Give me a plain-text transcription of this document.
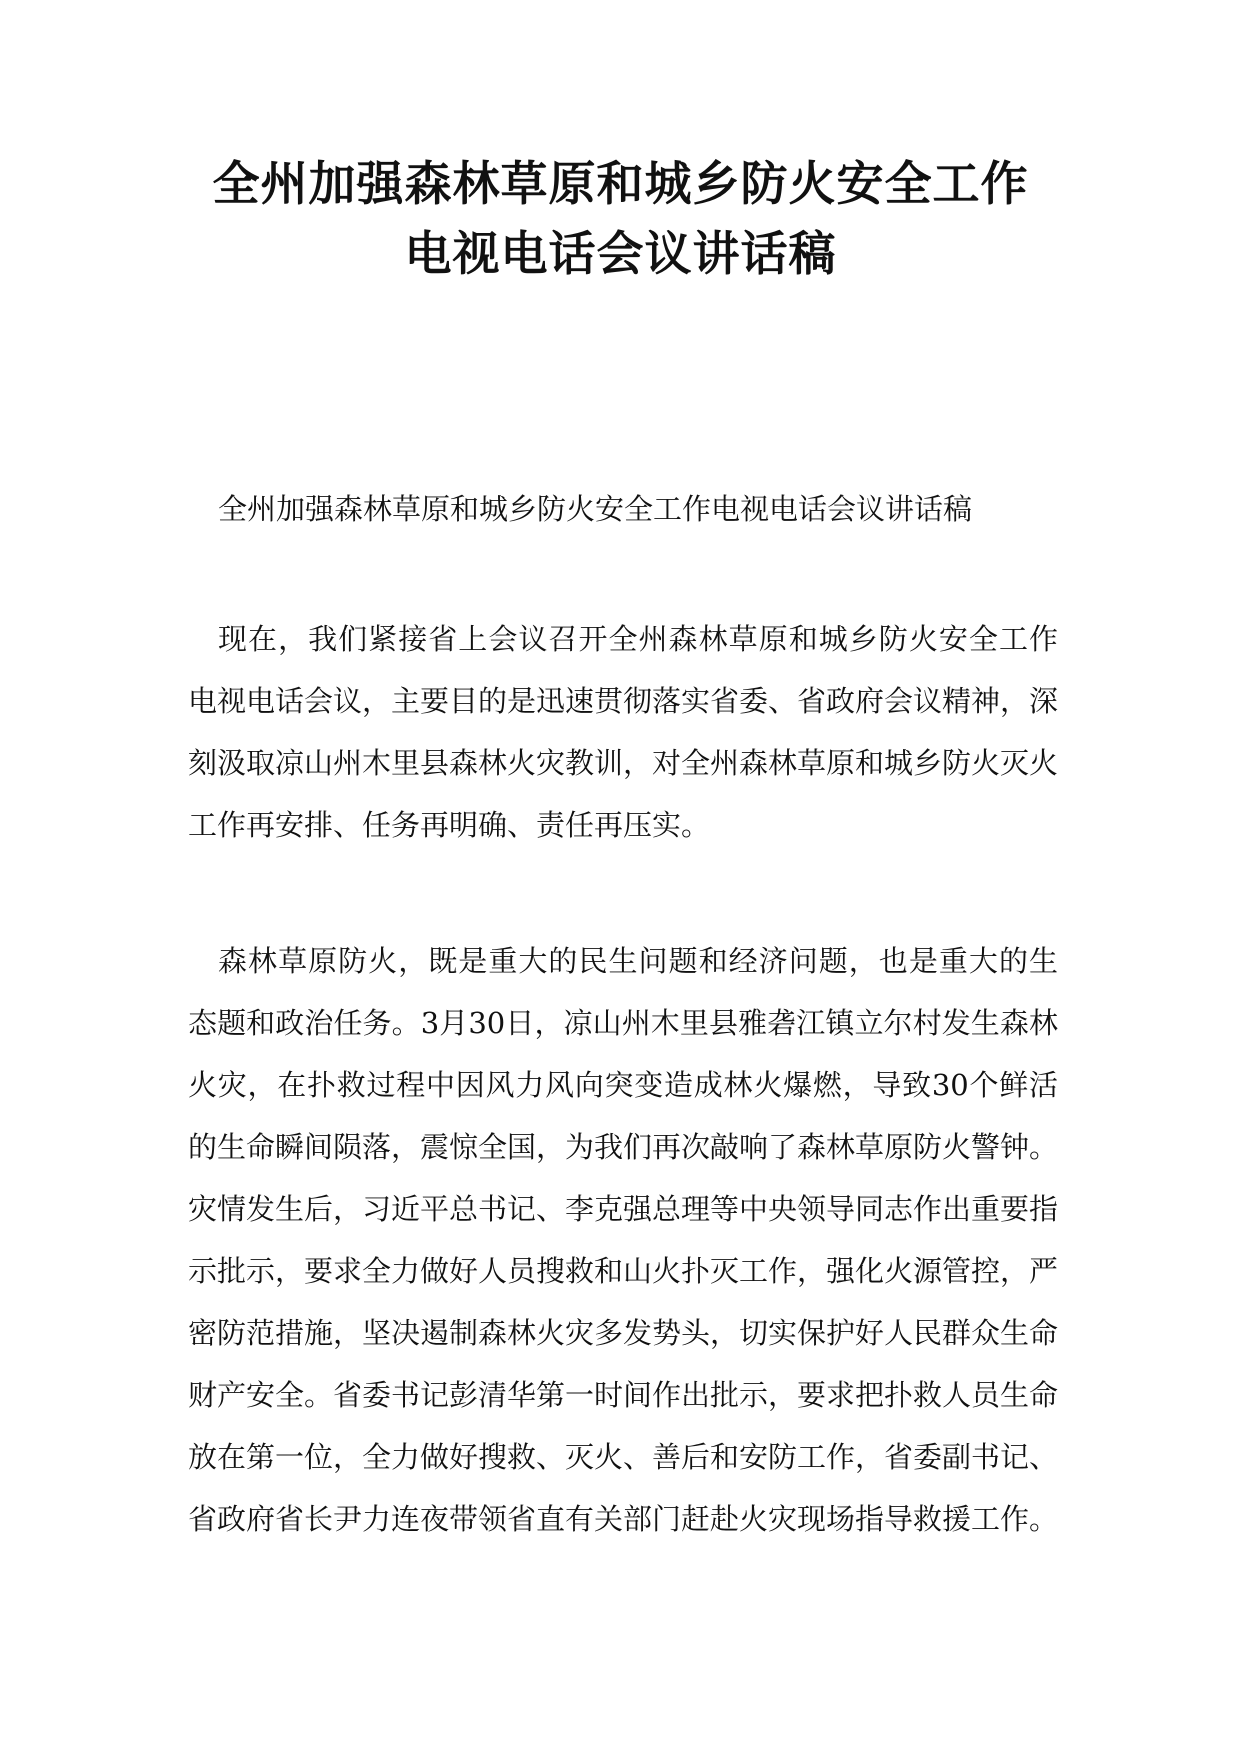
全州加强森林草原和城乡防火安全工作
电视电话会议讲话稿

全州加强森林草原和城乡防火安全工作电视电话会议讲话稿

现在，我们紧接省上会议召开全州森林草原和城乡防火安全工作电视电话会议，主要目的是迅速贯彻落实省委、省政府会议精神，深刻汲取凉山州木里县森林火灾教训，对全州森林草原和城乡防火灭火工作再安排、任务再明确、责任再压实。

森林草原防火，既是重大的民生问题和经济问题，也是重大的生态题和政治任务。3月30日，凉山州木里县雅砻江镇立尔村发生森林火灾，在扑救过程中因风力风向突变造成林火爆燃，导致30个鲜活的生命瞬间陨落，震惊全国，为我们再次敲响了森林草原防火警钟。灾情发生后，习近平总书记、李克强总理等中央领导同志作出重要指示批示，要求全力做好人员搜救和山火扑灭工作，强化火源管控，严密防范措施，坚决遏制森林火灾多发势头，切实保护好人民群众生命财产安全。省委书记彭清华第一时间作出批示，要求把扑救人员生命放在第一位，全力做好搜救、灭火、善后和安防工作，省委副书记、省政府省长尹力连夜带领省直有关部门赶赴火灾现场指导救援工作。
